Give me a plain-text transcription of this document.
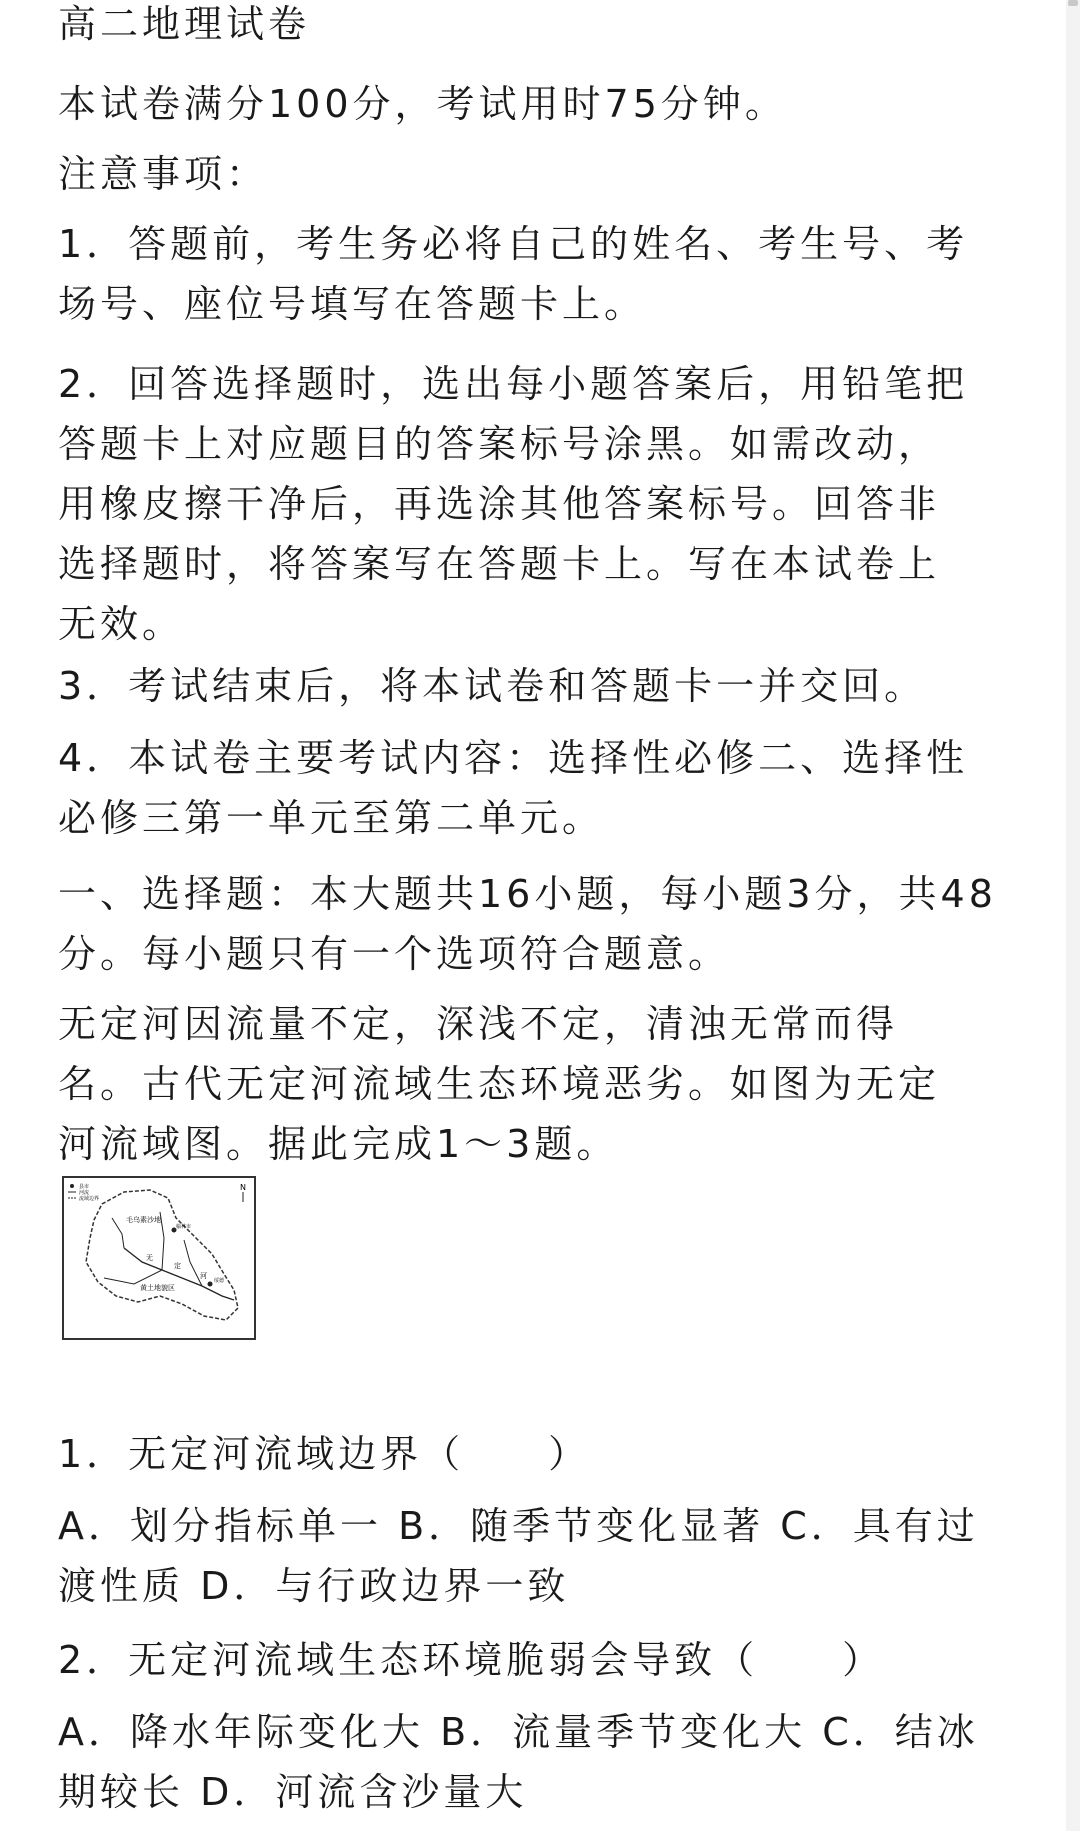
高二地理试卷

本试卷满分100分，考试用时75分钟。

注意事项：

1．答题前，考生务必将自己的姓名、考生号、考

场号、座位号填写在答题卡上。

2．回答选择题时，选出每小题答案后，用铅笔把

答题卡上对应题目的答案标号涂黑。如需改动，

用橡皮擦干净后，再选涂其他答案标号。回答非

选择题时，将答案写在答题卡上。写在本试卷上

无效。

3．考试结束后，将本试卷和答题卡一并交回。

4．本试卷主要考试内容：选择性必修二、选择性

必修三第一单元至第二单元。

一、选择题：本大题共16小题，每小题3分，共48

分。每小题只有一个选项符合题意。

无定河因流量不定，深浅不定，清浊无常而得

名。古代无定河流域生态环境恶劣。如图为无定

河流域图。据此完成1～3题。

县市
河流
流域边界
N
毛乌素沙地
黄土地貌区
无
定
河
榆林市
绥德

1．无定河流域边界（　　）

A．划分指标单一 B．随季节变化显著 C．具有过

渡性质 D．与行政边界一致

2．无定河流域生态环境脆弱会导致（　　）

A．降水年际变化大 B．流量季节变化大 C．结冰

期较长 D．河流含沙量大
